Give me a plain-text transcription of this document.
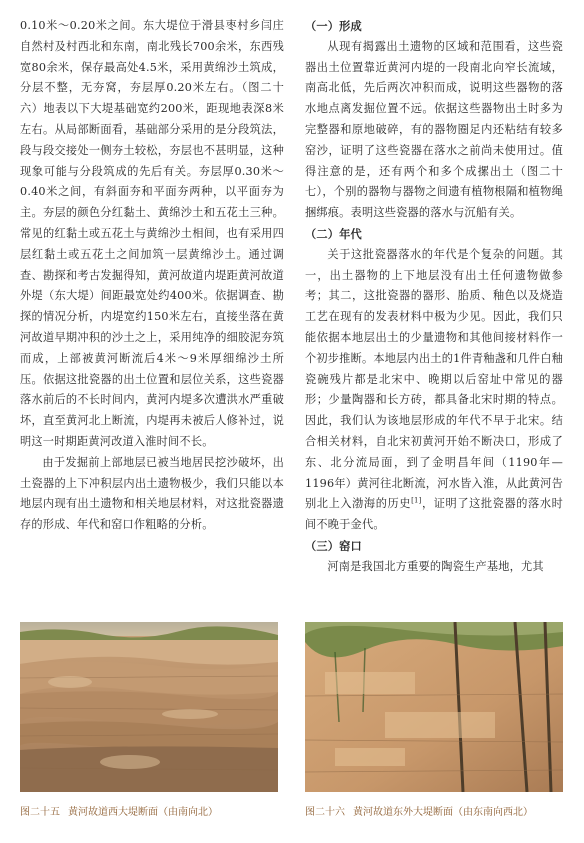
0.10米～0.20米之间。东大堤位于滑县枣村乡闫庄自然村及村西北和东南，南北残长700余米，东西残宽80余米，保存最高处4.5米，采用黄绵沙土筑成，分层不整，无夯窝，夯层厚0.20米左右。（图二十六）地表以下大堤基础宽约200米，距现地表深8米左右。从局部断面看，基础部分采用的是分段筑法，段与段交接处一侧夯土较松，夯层也不甚明显，这种现象可能与分段筑成的先后有关。夯层厚0.30米～0.40米之间，有斜面夯和平面夯两种，以平面夯为主。夯层的颜色分红黏土、黄绵沙土和五花土三种。常见的红黏土或五花土与黄绵沙土相间，也有采用四层红黏土或五花土之间加筑一层黄绵沙土。通过调查、勘探和考古发掘得知，黄河故道内堤距黄河故道外堤（东大堤）间距最宽处约400米。依据调查、勘探的情况分析，内堤宽约150米左右，直接坐落在黄河故道早期冲积的沙土之上，采用纯净的细胶泥夯筑而成，上部被黄河断流后4米～9米厚细绵沙土所压。依据这批瓷器的出土位置和层位关系，这些瓷器落水前后的不长时间内，黄河内堤多次遭洪水严重破坏，直至黄河北上断流，内堤再未被后人修补过，说明这一时期距黄河改道入淮时间不长。

由于发掘前上部地层已被当地居民挖沙破坏，出土瓷器的上下冲积层内出土遗物极少，我们只能以本地层内现有出土遗物和相关地层材料，对这批瓷器遗存的形成、年代和窑口作粗略的分析。

（一）形成

从现有揭露出土遗物的区域和范围看，这些瓷器出土位置靠近黄河内堤的一段南北向窄长流域，南高北低，先后两次冲积而成，说明这些器物的落水地点离发掘位置不远。依据这些器物出土时多为完整器和原地破碎，有的器物圈足内还粘结有较多窑沙，证明了这些瓷器在落水之前尚未使用过。值得注意的是，还有两个和多个成摞出土（图二十七），个别的器物与器物之间遗有植物根隔和植物绳捆绑痕。表明这些瓷器的落水与沉船有关。

（二）年代

关于这批瓷器落水的年代是个复杂的问题。其一，出土器物的上下地层没有出土任何遗物做参考；其二，这批瓷器的器形、胎质、釉色以及烧造工艺在现有的发表材料中极为少见。因此，我们只能依据本地层出土的少量遗物和其他间接材料作一个初步推断。本地层内出土的1件青釉盏和几件白釉瓷碗残片都是北宋中、晚期以后窑址中常见的器形；少量陶器和长方砖，都具备北宋时期的特点。因此，我们认为该地层形成的年代不早于北宋。结合相关材料，自北宋初黄河开始不断决口，形成了东、北分流局面，到了金明昌年间（1190年—1196年）黄河往北断流，河水皆入淮，从此黄河告别北上入渤海的历史[1]，证明了这批瓷器的落水时间不晚于金代。

（三）窑口

河南是我国北方重要的陶瓷生产基地，尤其

图二十五 黄河故道西大堤断面（由南向北）	图二十六 黄河故道东外大堤断面（由东南向西北）
